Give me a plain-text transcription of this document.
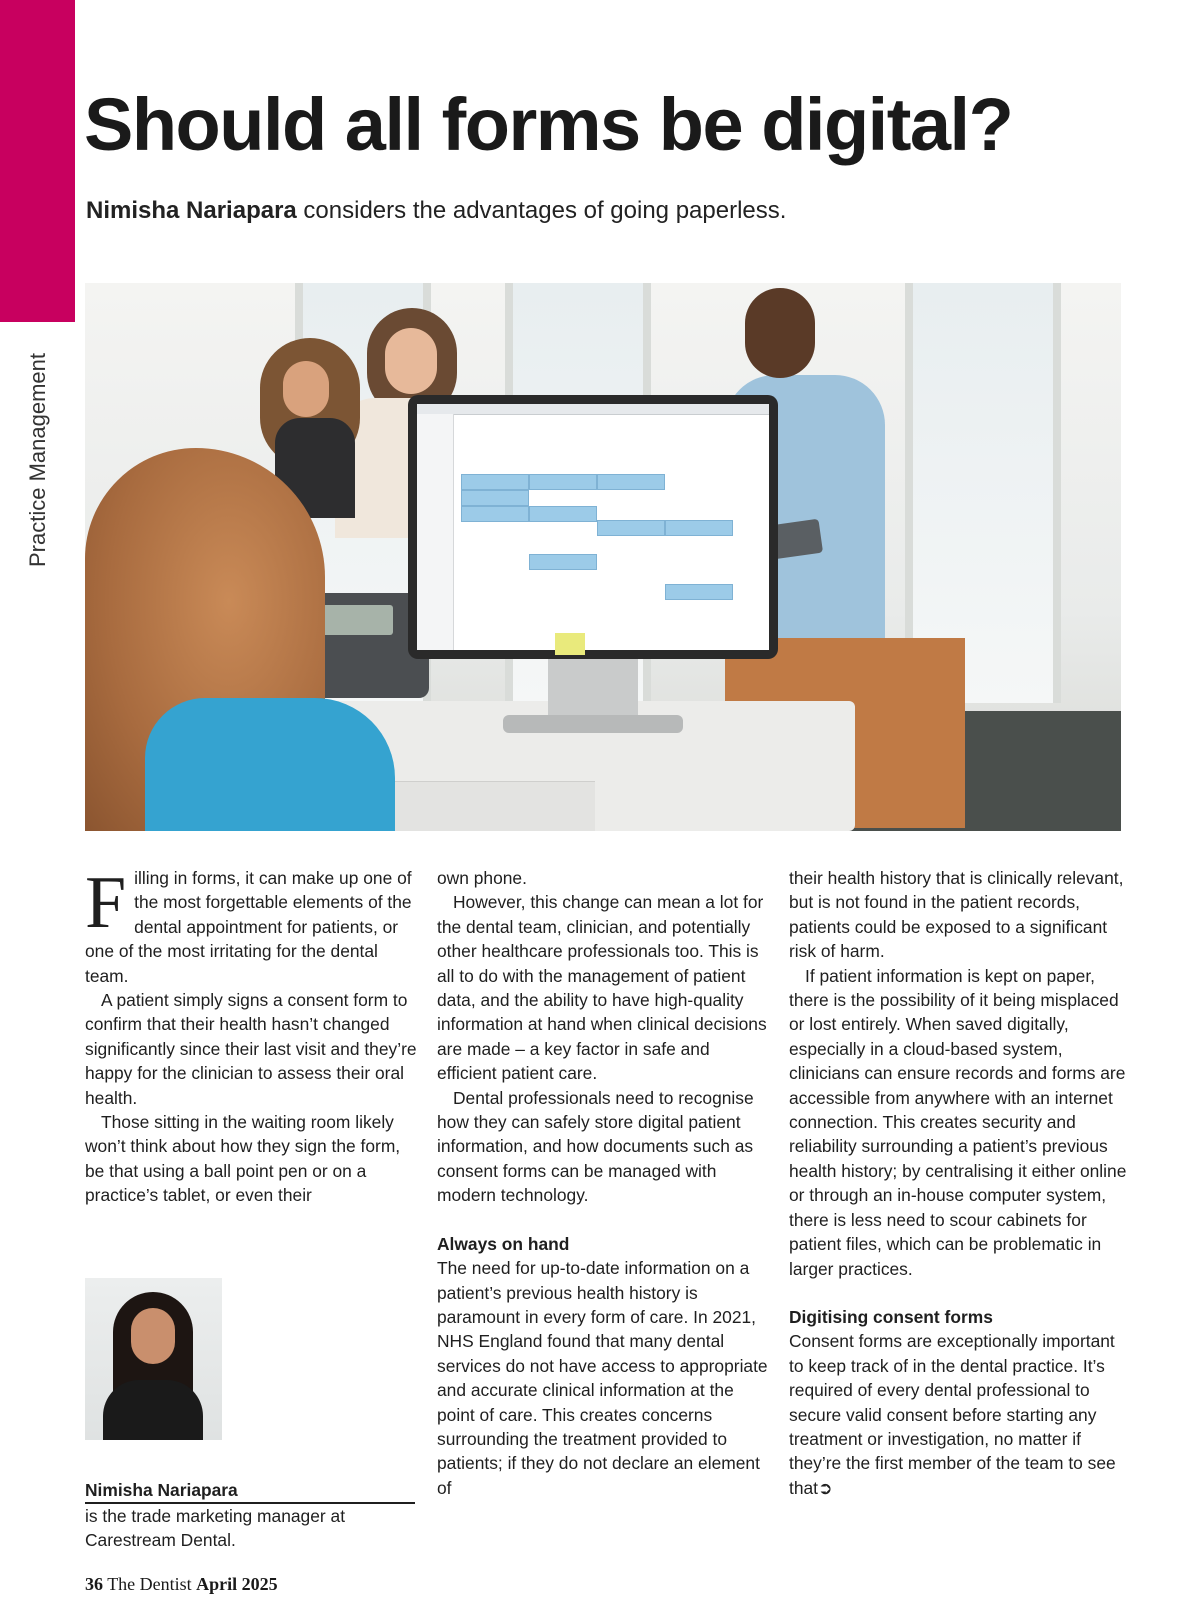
Practice Management
Should all forms be digital?

Nimisha Nariapara considers the advantages of going paperless.

Filling in forms, it can make up one of the most forgettable elements of the dental appointment for patients, or one of the most irritating for the dental team.

A patient simply signs a consent form to confirm that their health hasn’t changed significantly since their last visit and they’re happy for the clinician to assess their oral health.

Those sitting in the waiting room likely won’t think about how they sign the form, be that using a ball point pen or on a practice’s tablet, or even their

own phone.

However, this change can mean a lot for the dental team, clinician, and potentially other healthcare professionals too. This is all to do with the management of patient data, and the ability to have high-quality information at hand when clinical decisions are made – a key factor in safe and efficient patient care.

Dental professionals need to recognise how they can safely store digital patient information, and how documents such as consent forms can be managed with modern technology.

Always on hand

The need for up-to-date information on a patient’s previous health history is paramount in every form of care. In 2021, NHS England found that many dental services do not have access to appropriate and accurate clinical information at the point of care. This creates concerns surrounding the treatment provided to patients; if they do not declare an element of

their health history that is clinically relevant, but is not found in the patient records, patients could be exposed to a significant risk of harm.

If patient information is kept on paper, there is the possibility of it being misplaced or lost entirely. When saved digitally, especially in a cloud-based system, clinicians can ensure records and forms are accessible from anywhere with an internet connection. This creates security and reliability surrounding a patient’s previous health history; by centralising it either online or through an in-house computer system, there is less need to scour cabinets for patient files, which can be problematic in larger practices.

Digitising consent forms

Consent forms are exceptionally important to keep track of in the dental practice. It’s required of every dental professional to secure valid consent before starting any treatment or investigation, no matter if they’re the first member of the team to see that➲

Nimisha Nariapara
is the trade marketing manager at Carestream Dental.
36 The Dentist April 2025
